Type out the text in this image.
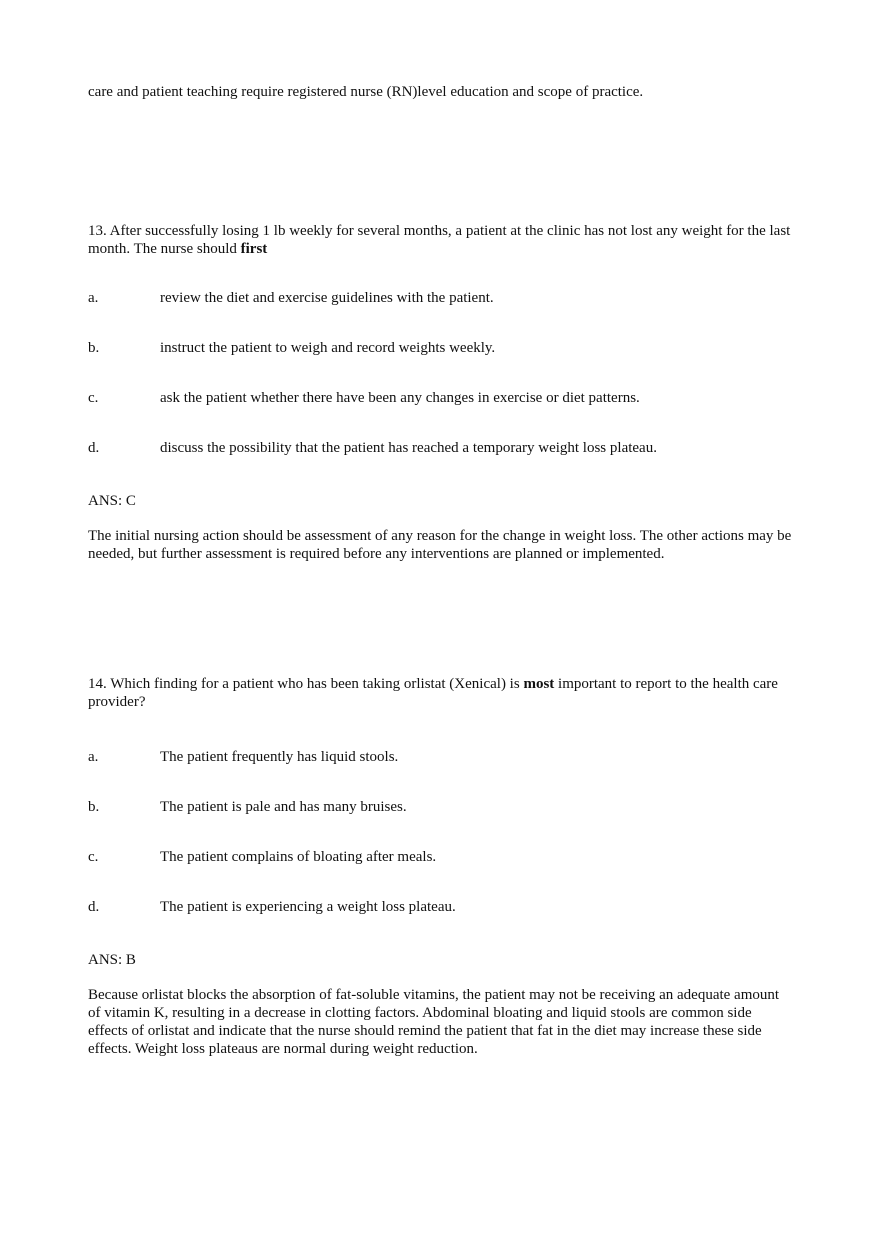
care and patient teaching require registered nurse (RN)level education and scope of practice.
13. After successfully losing 1 lb weekly for several months, a patient at the clinic has not lost any weight for the last month. The nurse should first
a.	review the diet and exercise guidelines with the patient.
b.	instruct the patient to weigh and record weights weekly.
c.	ask the patient whether there have been any changes in exercise or diet patterns.
d.	discuss the possibility that the patient has reached a temporary weight loss plateau.
ANS: C
The initial nursing action should be assessment of any reason for the change in weight loss. The other actions may be needed, but further assessment is required before any interventions are planned or implemented.
14. Which finding for a patient who has been taking orlistat (Xenical) is most important to report to the health care provider?
a.	The patient frequently has liquid stools.
b.	The patient is pale and has many bruises.
c.	The patient complains of bloating after meals.
d.	The patient is experiencing a weight loss plateau.
ANS: B
Because orlistat blocks the absorption of fat-soluble vitamins, the patient may not be receiving an adequate amount of vitamin K, resulting in a decrease in clotting factors. Abdominal bloating and liquid stools are common side effects of orlistat and indicate that the nurse should remind the patient that fat in the diet may increase these side effects. Weight loss plateaus are normal during weight reduction.
